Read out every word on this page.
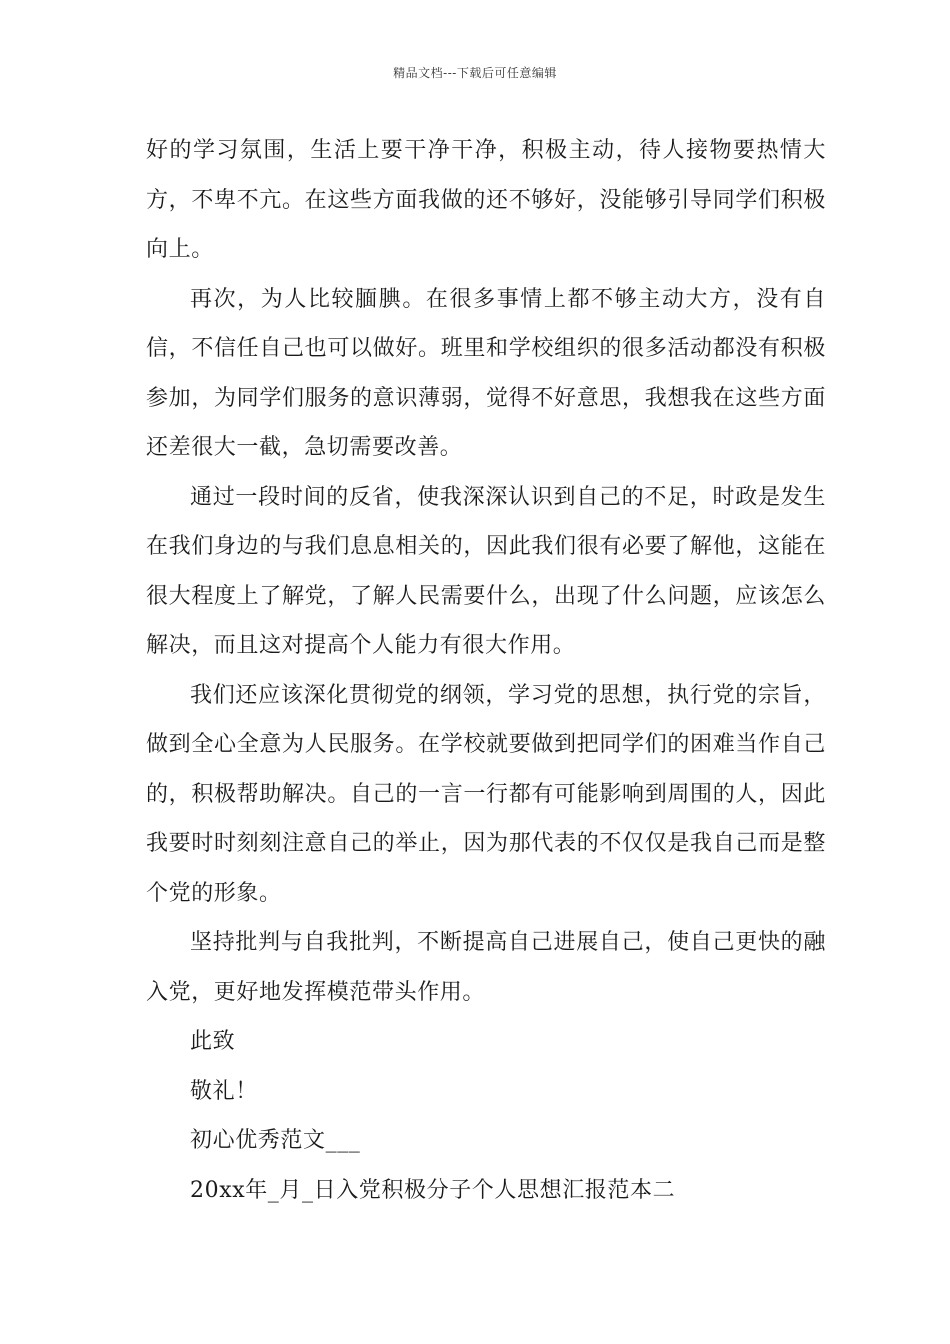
精品文档---下载后可任意编辑

好的学习氛围，生活上要干净干净，积极主动，待人接物要热情大方，不卑不亢。在这些方面我做的还不够好，没能够引导同学们积极向上。

再次，为人比较腼腆。在很多事情上都不够主动大方，没有自信，不信任自己也可以做好。班里和学校组织的很多活动都没有积极参加，为同学们服务的意识薄弱，觉得不好意思，我想我在这些方面还差很大一截，急切需要改善。

通过一段时间的反省，使我深深认识到自己的不足，时政是发生在我们身边的与我们息息相关的，因此我们很有必要了解他，这能在很大程度上了解党，了解人民需要什么，出现了什么问题，应该怎么解决，而且这对提高个人能力有很大作用。

我们还应该深化贯彻党的纲领，学习党的思想，执行党的宗旨，做到全心全意为人民服务。在学校就要做到把同学们的困难当作自己的，积极帮助解决。自己的一言一行都有可能影响到周围的人，因此我要时时刻刻注意自己的举止，因为那代表的不仅仅是我自己而是整个党的形象。

坚持批判与自我批判，不断提高自己进展自己，使自己更快的融入党，更好地发挥模范带头作用。

此致

敬礼！

初心优秀范文___

20xx年_月_日入党积极分子个人思想汇报范本二
